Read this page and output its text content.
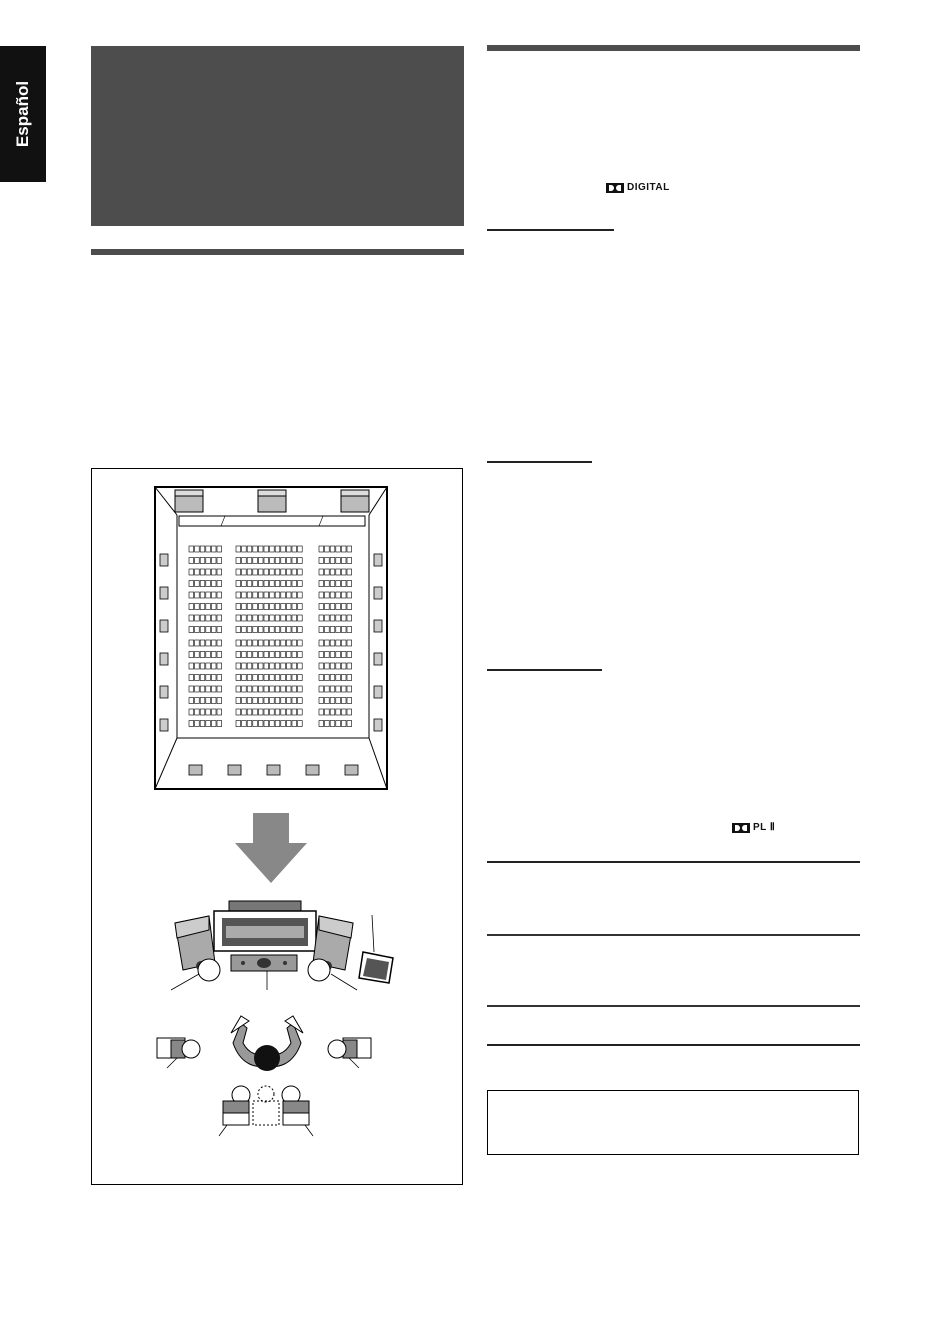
Español
DIGITAL
PL Ⅱ
